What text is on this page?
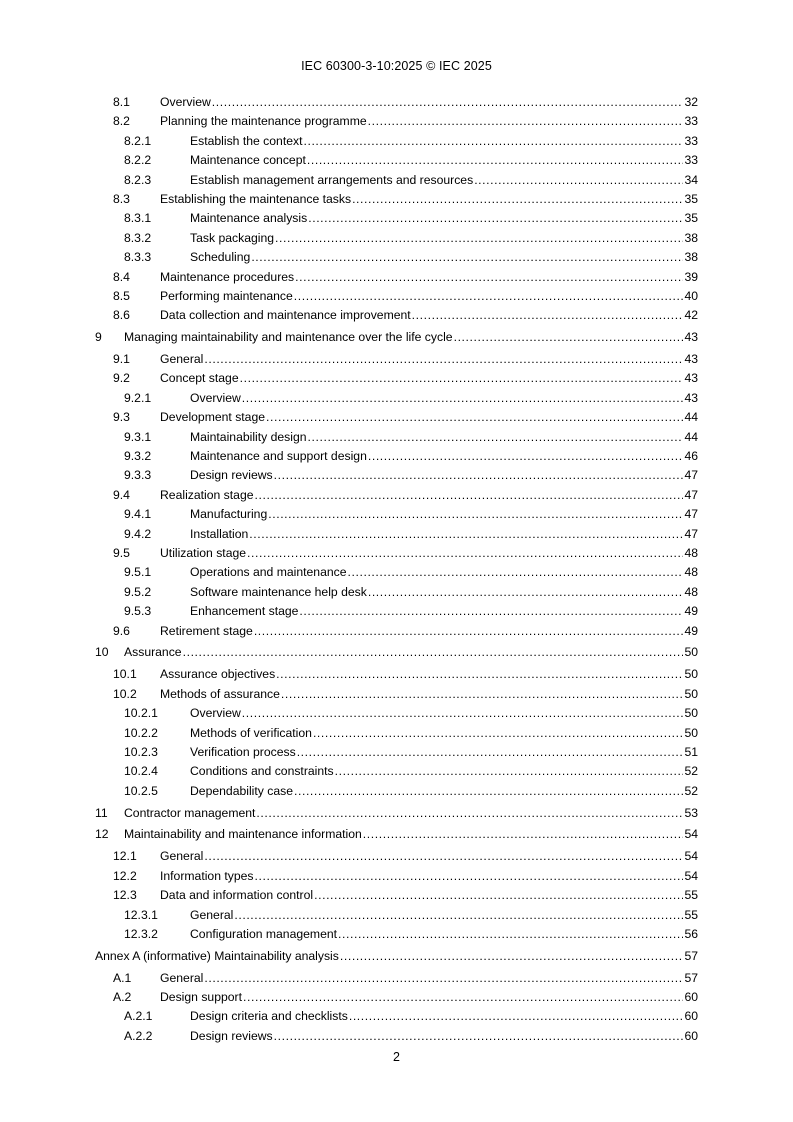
IEC 60300-3-10:2025 © IEC 2025
8.1 Overview .....	32
8.2 Planning the maintenance programme .....	33
8.2.1	Establish the context .....	33
8.2.2	Maintenance concept .....	33
8.2.3	Establish management arrangements and resources .....	34
8.3 Establishing the maintenance tasks .....	35
8.3.1	Maintenance analysis .....	35
8.3.2	Task packaging .....	38
8.3.3	Scheduling .....	38
8.4 Maintenance procedures .....	39
8.5 Performing maintenance .....	40
8.6 Data collection and maintenance improvement .....	42
9 Managing maintainability and maintenance over the life cycle .....	43
9.1 General .....	43
9.2 Concept stage .....	43
9.2.1	Overview .....	43
9.3 Development stage .....	44
9.3.1	Maintainability design .....	44
9.3.2	Maintenance and support design .....	46
9.3.3	Design reviews .....	47
9.4 Realization stage .....	47
9.4.1	Manufacturing .....	47
9.4.2	Installation .....	47
9.5 Utilization stage .....	48
9.5.1	Operations and maintenance .....	48
9.5.2	Software maintenance help desk .....	48
9.5.3	Enhancement stage .....	49
9.6 Retirement stage .....	49
10 Assurance .....	50
10.1 Assurance objectives .....	50
10.2 Methods of assurance .....	50
10.2.1	Overview .....	50
10.2.2	Methods of verification .....	50
10.2.3	Verification process .....	51
10.2.4	Conditions and constraints .....	52
10.2.5	Dependability case .....	52
11 Contractor management .....	53
12 Maintainability and maintenance information .....	54
12.1 General .....	54
12.2 Information types .....	54
12.3 Data and information control .....	55
12.3.1	General .....	55
12.3.2	Configuration management .....	56
Annex A (informative) Maintainability analysis .....	57
A.1 General .....	57
A.2 Design support .....	60
A.2.1	Design criteria and checklists .....	60
A.2.2	Design reviews .....	60
2
